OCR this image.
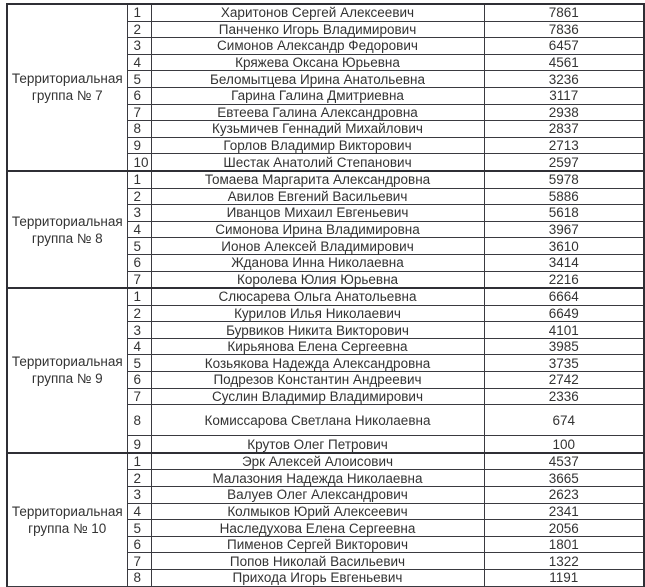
Территориальная
группа № 7	1	Харитонов Сергей Алексеевич	7861
	2	Панченко Игорь Владимирович	7836
	3	Симонов Александр Федорович	6457
	4	Кряжева Оксана Юрьевна	4561
	5	Беломытцева Ирина Анатольевна	3236
	6	Гарина Галина Дмитриевна	3117
	7	Евтеева Галина Александровна	2938
	8	Кузьмичев Геннадий Михайлович	2837
	9	Горлов Владимир Викторович	2713
	10	Шестак Анатолий Степанович	2597

Территориальная
группа № 8	1	Томаева Маргарита Александровна	5978
	2	Авилов Евгений Васильевич	5886
	3	Иванцов Михаил Евгеньевич	5618
	4	Симонова Ирина Владимировна	3967
	5	Ионов Алексей Владимирович	3610
	6	Жданова Инна Николаевна	3414
	7	Королева Юлия Юрьевна	2216

Территориальная
группа № 9	1	Слюсарева Ольга Анатольевна	6664
	2	Курилов Илья Николаевич	6649
	3	Бурвиков Никита Викторович	4101
	4	Кирьянова Елена Сергеевна	3985
	5	Козьякова Надежда Александровна	3735
	6	Подрезов Константин Андреевич	2742
	7	Суслин Владимир Владимирович	2336
	8	Комиссарова Светлана Николаевна	674
	9	Крутов Олег Петрович	100

Территориальная
группа № 10	1	Эрк Алексей Алоисович	4537
	2	Малазония Надежда Николаевна	3665
	3	Валуев Олег Александрович	2623
	4	Колмыков Юрий Алексеевич	2341
	5	Наследухова Елена Сергеевна	2056
	6	Пименов Сергей Викторович	1801
	7	Попов Николай Васильевич	1322
	8	Прихода Игорь Евгеньевич	1191
